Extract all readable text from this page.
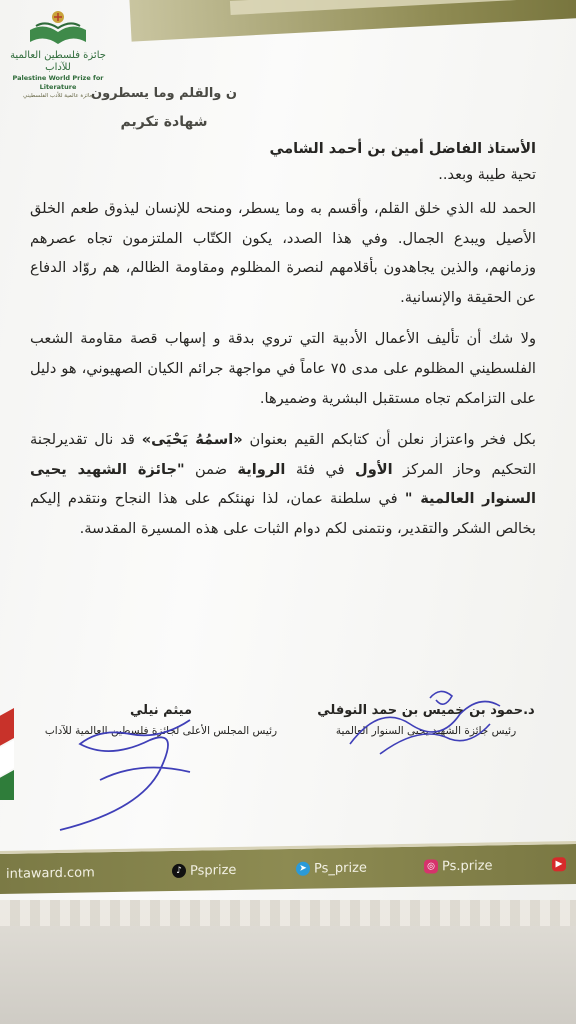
جائزة فلسطين العالمية للآداب
Palestine World Prize for Literature
جائزة عالمية للأدب الفلسطيني
ن والقلم وما يسطرون
شهادة تكريم
الأستاذ الفاضل أمين بن أحمد الشامي
تحية طيبة وبعد..

الحمد لله الذي خلق القلم، وأقسم به وما يسطر، ومنحه للإنسان ليذوق طعم الخلق الأصيل ويبدع الجمال. وفي هذا الصدد، يكون الكتّاب الملتزمون تجاه عصرهم وزمانهم، والذين يجاهدون بأقلامهم لنصرة المظلوم ومقاومة الظالم، هم روّاد الدفاع عن الحقيقة والإنسانية.

ولا شك أن تأليف الأعمال الأدبية التي تروي بدقة و إسهاب قصة مقاومة الشعب الفلسطيني المظلوم على مدى ٧٥ عاماً في مواجهة جرائم الكيان الصهيوني، هو دليل على التزامكم تجاه مستقبل البشرية وضميرها.

بكل فخر واعتزاز نعلن أن كتابكم القيم بعنوان «اسمُهُ يَحْيَى» قد نال تقديرلجنة التحكيم وحاز المركز الأول في فئة الرواية ضمن "جائزة الشهيد يحيى السنوار العالمية " في سلطنة عمان، لذا نهنئكم على هذا النجاح ونتقدم إليكم بخالص الشكر والتقدير، ونتمنى لكم دوام الثبات على هذه المسيرة المقدسة.

د.حمود بن خميس بن حمد النوفلي
رئيس جائزة الشهيد يحيى السنوار العالمية
ميثم نيلي
رئيس المجلس الأعلى لجائزة فلسطين العالمية للآداب
intaward.com	♪ Psprize	➤ Ps_prize	◎ Ps.prize	▶
